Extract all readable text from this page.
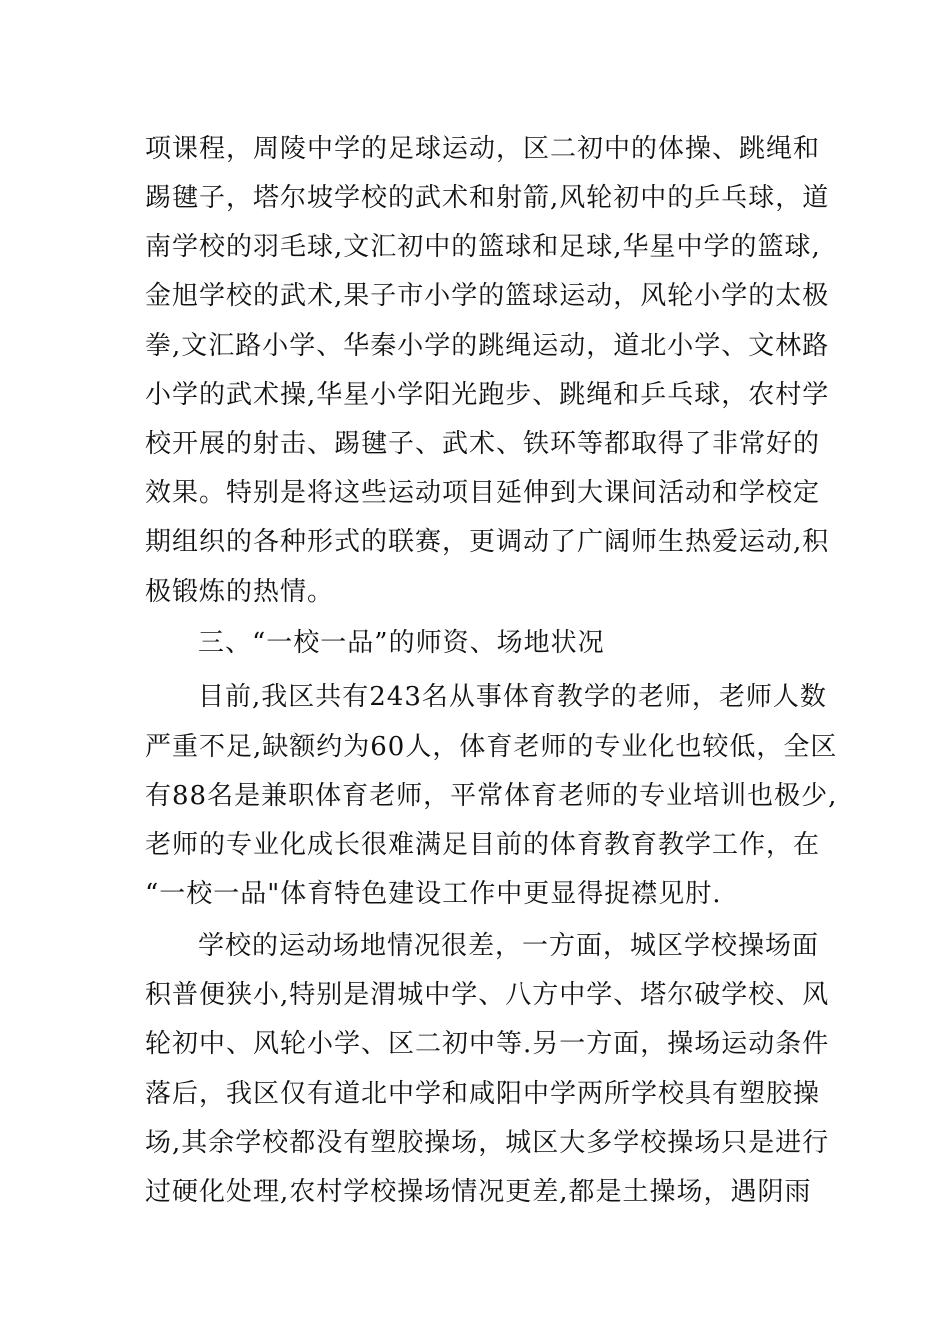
项课程，周陵中学的足球运动，区二初中的体操、跳绳和
踢毽子，塔尔坡学校的武术和射箭,风轮初中的乒乓球，道
南学校的羽毛球,文汇初中的篮球和足球,华星中学的篮球,
金旭学校的武术,果子市小学的篮球运动，风轮小学的太极
拳,文汇路小学、华秦小学的跳绳运动，道北小学、文林路
小学的武术操,华星小学阳光跑步、跳绳和乒乓球，农村学
校开展的射击、踢毽子、武术、铁环等都取得了非常好的
效果。特别是将这些运动项目延伸到大课间活动和学校定
期组织的各种形式的联赛，更调动了广阔师生热爱运动,积
极锻炼的热情。
三、“一校一品”的师资、场地状况
目前,我区共有243名从事体育教学的老师，老师人数
严重不足,缺额约为60人，体育老师的专业化也较低，全区
有88名是兼职体育老师，平常体育老师的专业培训也极少,
老师的专业化成长很难满足目前的体育教育教学工作，在
“一校一品"体育特色建设工作中更显得捉襟见肘.
学校的运动场地情况很差，一方面，城区学校操场面
积普便狭小,特别是渭城中学、八方中学、塔尔破学校、风
轮初中、风轮小学、区二初中等.另一方面，操场运动条件
落后，我区仅有道北中学和咸阳中学两所学校具有塑胶操
场,其余学校都没有塑胶操场，城区大多学校操场只是进行
过硬化处理,农村学校操场情况更差,都是土操场，遇阴雨
